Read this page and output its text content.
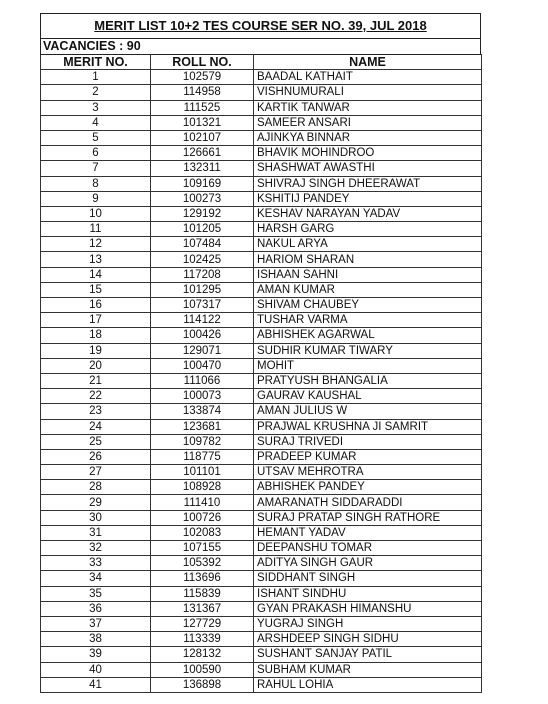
MERIT LIST 10+2 TES COURSE SER NO. 39, JUL 2018
VACANCIES : 90
MERIT NO.	ROLL NO.	NAME
1	102579	BAADAL KATHAIT
2	114958	VISHNUMURALI
3	111525	KARTIK TANWAR
4	101321	SAMEER ANSARI
5	102107	AJINKYA BINNAR
6	126661	BHAVIK MOHINDROO
7	132311	SHASHWAT AWASTHI
8	109169	SHIVRAJ SINGH DHEERAWAT
9	100273	KSHITIJ PANDEY
10	129192	KESHAV NARAYAN YADAV
11	101205	HARSH GARG
12	107484	NAKUL ARYA
13	102425	HARIOM SHARAN
14	117208	ISHAAN SAHNI
15	101295	AMAN KUMAR
16	107317	SHIVAM CHAUBEY
17	114122	TUSHAR VARMA
18	100426	ABHISHEK AGARWAL
19	129071	SUDHIR KUMAR TIWARY
20	100470	MOHIT
21	111066	PRATYUSH BHANGALIA
22	100073	GAURAV KAUSHAL
23	133874	AMAN JULIUS W
24	123681	PRAJWAL KRUSHNA JI SAMRIT
25	109782	SURAJ TRIVEDI
26	118775	PRADEEP KUMAR
27	101101	UTSAV MEHROTRA
28	108928	ABHISHEK PANDEY
29	111410	AMARANATH SIDDARADDI
30	100726	SURAJ PRATAP SINGH RATHORE
31	102083	HEMANT YADAV
32	107155	DEEPANSHU TOMAR
33	105392	ADITYA SINGH GAUR
34	113696	SIDDHANT SINGH
35	115839	ISHANT SINDHU
36	131367	GYAN PRAKASH HIMANSHU
37	127729	YUGRAJ SINGH
38	113339	ARSHDEEP SINGH SIDHU
39	128132	SUSHANT SANJAY PATIL
40	100590	SUBHAM KUMAR
41	136898	RAHUL LOHIA
